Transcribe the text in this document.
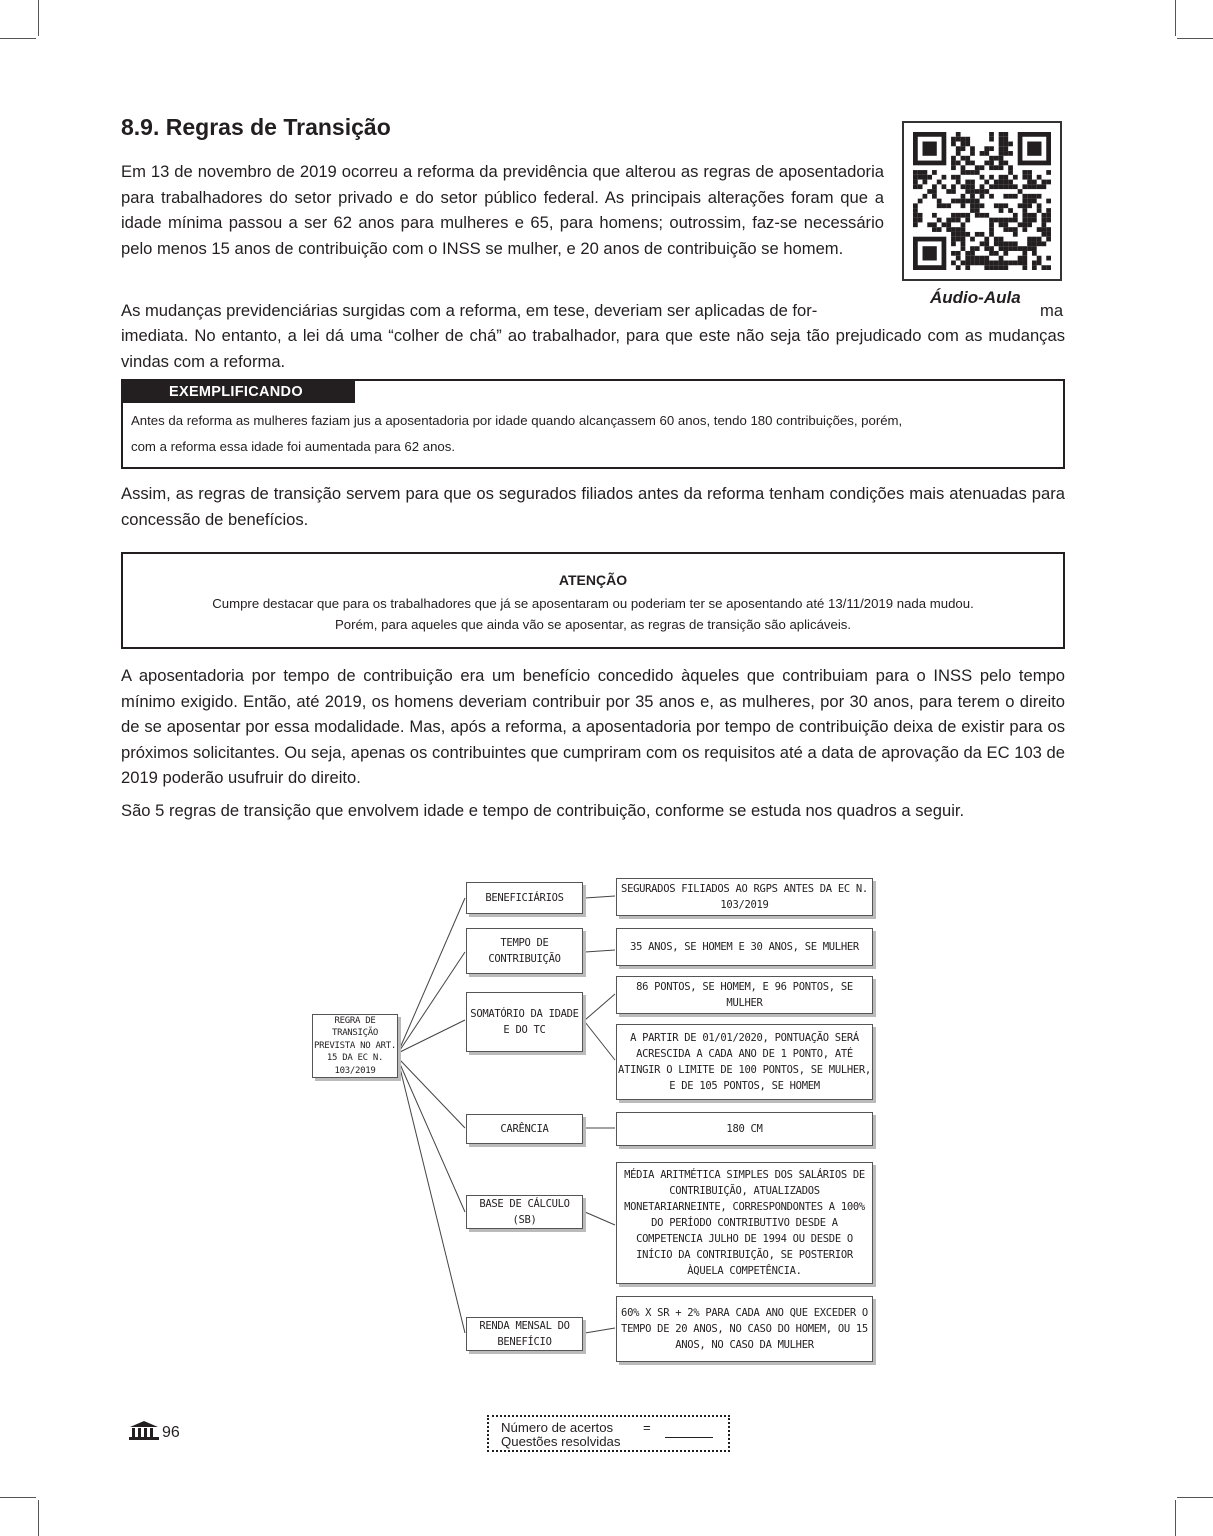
8.9. Regras de Transição

Em 13 de novembro de 2019 ocorreu a reforma da previdência que alterou as regras de aposentadoria para trabalhadores do setor privado e do setor público federal. As principais alterações foram que a idade mínima passou a ser 62 anos para mulheres e 65, para homens; outrossim, faz-se necessário pelo menos 15 anos de contribuição com o INSS se mulher, e 20 anos de contribuição se homem.

Áudio-Aula

As mudanças previdenciárias surgidas com a reforma, em tese, deveriam ser aplicadas de for-	ma

imediata. No entanto, a lei dá uma “colher de chá” ao trabalhador, para que este não seja tão prejudicado com as mudanças vindas com a reforma.

EXEMPLIFICANDO

Antes da reforma as mulheres faziam jus a aposentadoria por idade quando alcançassem 60 anos, tendo 180 contribuições, porém,
com a reforma essa idade foi aumentada para 62 anos.

Assim, as regras de transição servem para que os segurados filiados antes da reforma tenham condições mais atenuadas para concessão de benefícios.

ATENÇÃO

Cumpre destacar que para os trabalhadores que já se aposentaram ou poderiam ter se aposentando até 13/11/2019 nada mudou.
Porém, para aqueles que ainda vão se aposentar, as regras de transição são aplicáveis.

A aposentadoria por tempo de contribuição era um benefício concedido àqueles que contribuiam para o INSS pelo tempo mínimo exigido. Então, até 2019, os homens deveriam contribuir por 35 anos e, as mulheres, por 30 anos, para terem o direito de se aposentar por essa modalidade. Mas, após a reforma, a aposentadoria por tempo de contribuição deixa de existir para os próximos solicitantes. Ou seja, apenas os contribuintes que cumpriram com os requisitos até a data de aprovação da EC 103 de 2019 poderão usufruir do direito.

São 5 regras de transição que envolvem idade e tempo de contribuição, conforme se estuda nos quadros a seguir.

REGRA DE TRANSIÇÃO PREVISTA NO ART. 15 DA EC N. 103/2019
BENEFICIÁRIOS
TEMPO DE CONTRIBUIÇÃO
SOMATÓRIO DA IDADE E DO TC
CARÊNCIA
BASE DE CÁLCULO (SB)
RENDA MENSAL DO BENEFÍCIO
SEGURADOS FILIADOS AO RGPS ANTES DA EC N. 103/2019
35 ANOS, SE HOMEM E 30 ANOS, SE MULHER
86 PONTOS, SE HOMEM, E 96 PONTOS, SE MULHER
A PARTIR DE 01/01/2020, PONTUAÇÃO SERÁ ACRESCIDA A CADA ANO DE 1 PONTO, ATÉ ATINGIR O LIMITE DE 100 PONTOS, SE MULHER, E DE 105 PONTOS, SE HOMEM
180 CM
MÉDIA ARITMÉTICA SIMPLES DOS SALÁRIOS DE CONTRIBUIÇÃO, ATUALIZADOS MONETARIARNEINTE, CORRESPONDONTES A 100% DO PERÍODO CONTRIBUTIVO DESDE A COMPETENCIA JULHO DE 1994 OU DESDE O INÍCIO DA CONTRIBUIÇÃO, SE POSTERIOR ÀQUELA COMPETÊNCIA.
60% X SR + 2% PARA CADA ANO QUE EXCEDER O TEMPO DE 20 ANOS, NO CASO DO HOMEM, OU 15 ANOS, NO CASO DA MULHER
96	Número de acertos =

Questões resolvidas
